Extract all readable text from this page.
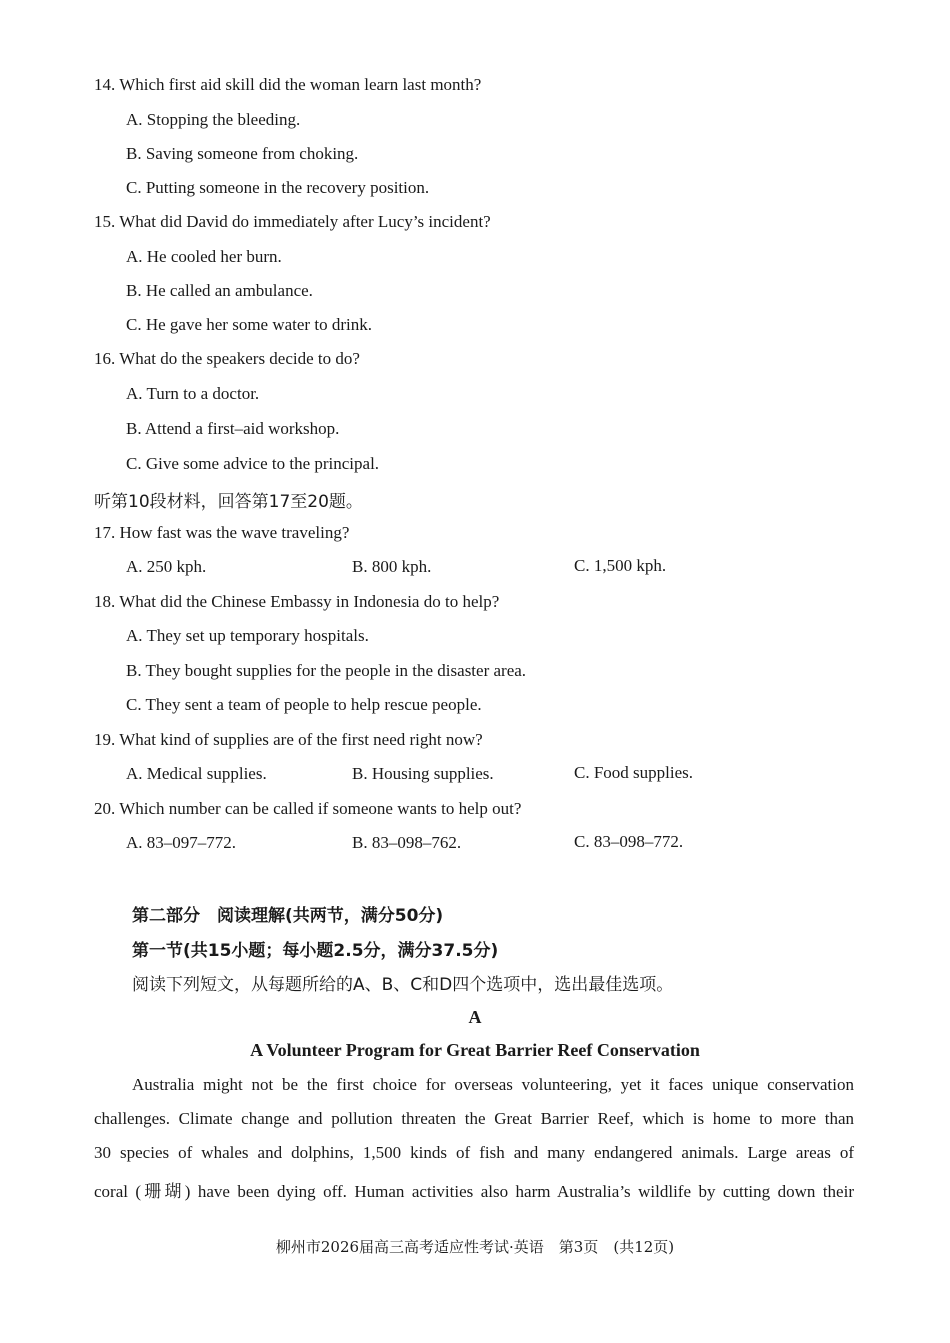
14. Which first aid skill did the woman learn last month?
A. Stopping the bleeding.
B. Saving someone from choking.
C. Putting someone in the recovery position.
15. What did David do immediately after Lucy’s incident?
A. He cooled her burn.
B. He called an ambulance.
C. He gave her some water to drink.
16. What do the speakers decide to do?
A. Turn to a doctor.
B. Attend a first–aid workshop.
C. Give some advice to the principal.
听第10段材料，回答第17至20题。
17. How fast was the wave traveling?
A. 250 kph.	B. 800 kph.	C. 1,500 kph.
18. What did the Chinese Embassy in Indonesia do to help?
A. They set up temporary hospitals.
B. They bought supplies for the people in the disaster area.
C. They sent a team of people to help rescue people.
19. What kind of supplies are of the first need right now?
A. Medical supplies.	B. Housing supplies.	C. Food supplies.
20. Which number can be called if someone wants to help out?
A. 83–097–772.	B. 83–098–762.	C. 83–098–772.
第二部分　阅读理解(共两节，满分50分)
第一节(共15小题；每小题2.5分，满分37.5分)
阅读下列短文，从每题所给的A、B、C和D四个选项中，选出最佳选项。
A
A Volunteer Program for Great Barrier Reef Conservation
Australia might not be the first choice for overseas volunteering, yet it faces unique conservation
challenges. Climate change and pollution threaten the Great Barrier Reef, which is home to more than
30 species of whales and dolphins, 1,500 kinds of fish and many endangered animals. Large areas of
coral (珊瑚) have been dying off. Human activities also harm Australia’s wildlife by cutting down their
柳州市2026届高三高考适应性考试·英语　第3页　(共12页)
